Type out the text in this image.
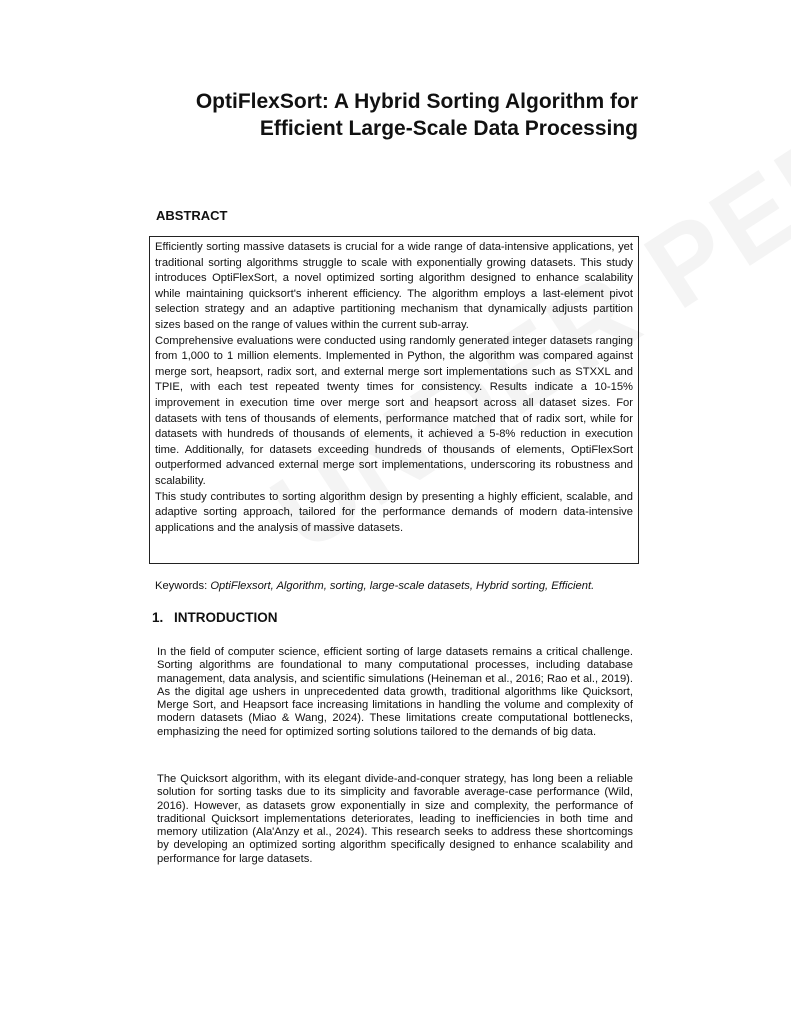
OptiFlexSort: A Hybrid Sorting Algorithm for
Efficient Large-Scale Data Processing
ABSTRACT

Efficiently sorting massive datasets is crucial for a wide range of data-intensive applications, yet traditional sorting algorithms struggle to scale with exponentially growing datasets. This study introduces OptiFlexSort, a novel optimized sorting algorithm designed to enhance scalability while maintaining quicksort's inherent efficiency. The algorithm employs a last-element pivot selection strategy and an adaptive partitioning mechanism that dynamically adjusts partition sizes based on the range of values within the current sub-array.

Comprehensive evaluations were conducted using randomly generated integer datasets ranging from 1,000 to 1 million elements. Implemented in Python, the algorithm was compared against merge sort, heapsort, radix sort, and external merge sort implementations such as STXXL and TPIE, with each test repeated twenty times for consistency. Results indicate a 10-15% improvement in execution time over merge sort and heapsort across all dataset sizes. For datasets with tens of thousands of elements, performance matched that of radix sort, while for datasets with hundreds of thousands of elements, it achieved a 5-8% reduction in execution time. Additionally, for datasets exceeding hundreds of thousands of elements, OptiFlexSort outperformed advanced external merge sort implementations, underscoring its robustness and scalability.

This study contributes to sorting algorithm design by presenting a highly efficient, scalable, and adaptive sorting approach, tailored for the performance demands of modern data-intensive applications and the analysis of massive datasets.

Keywords: OptiFlexsort, Algorithm, sorting, large-scale datasets, Hybrid sorting, Efficient.

1. INTRODUCTION

In the field of computer science, efficient sorting of large datasets remains a critical challenge. Sorting algorithms are foundational to many computational processes, including database management, data analysis, and scientific simulations (Heineman et al., 2016; Rao et al., 2019). As the digital age ushers in unprecedented data growth, traditional algorithms like Quicksort, Merge Sort, and Heapsort face increasing limitations in handling the volume and complexity of modern datasets (Miao & Wang, 2024). These limitations create computational bottlenecks, emphasizing the need for optimized sorting solutions tailored to the demands of big data.

The Quicksort algorithm, with its elegant divide-and-conquer strategy, has long been a reliable solution for sorting tasks due to its simplicity and favorable average-case performance (Wild, 2016). However, as datasets grow exponentially in size and complexity, the performance of traditional Quicksort implementations deteriorates, leading to inefficiencies in both time and memory utilization (Ala'Anzy et al., 2024). This research seeks to address these shortcomings by developing an optimized sorting algorithm specifically designed to enhance scalability and performance for large datasets.
